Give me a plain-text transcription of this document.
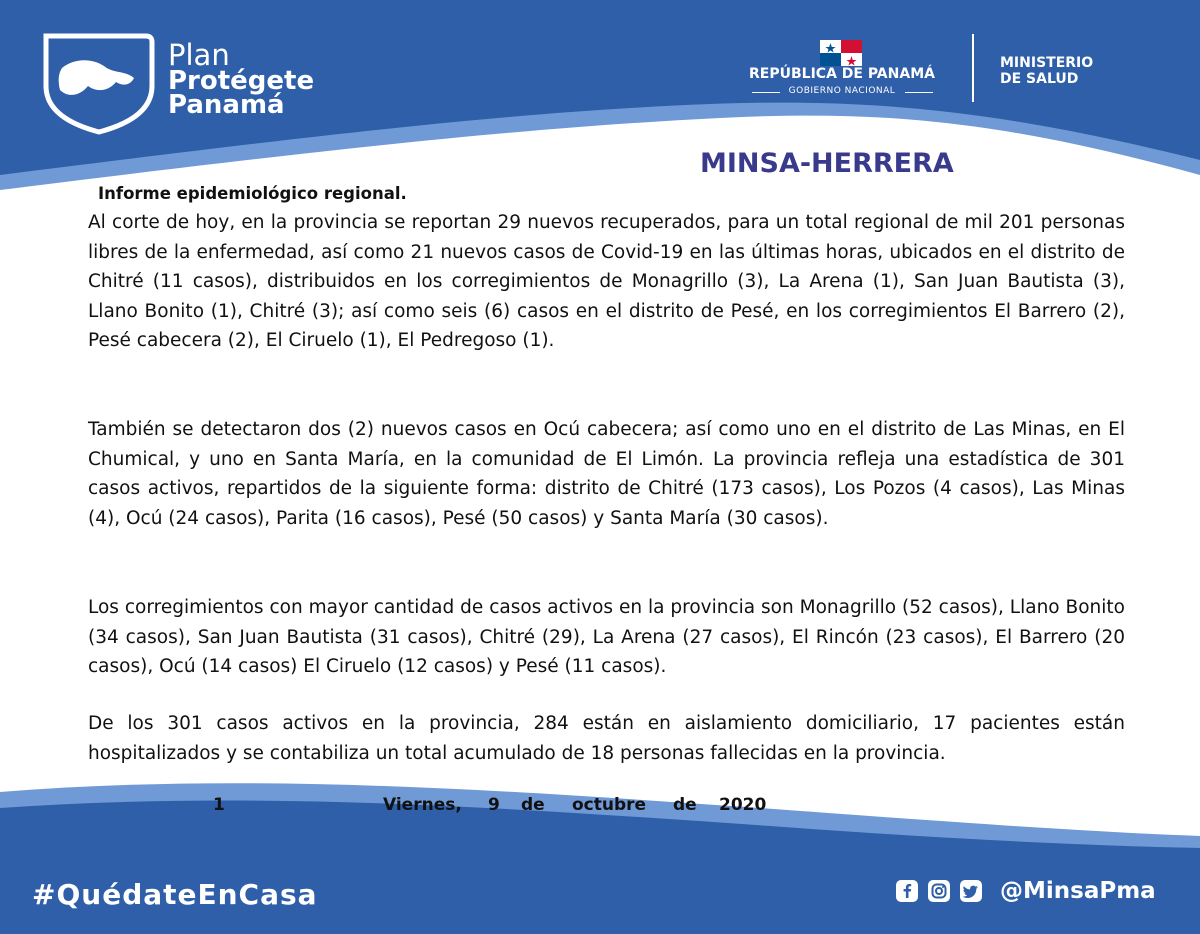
Plan
Protégete
Panamá
REPÚBLICA DE PANAMÁ
GOBIERNO NACIONAL
MINISTERIO
DE SALUD
MINSA-HERRERA
Informe epidemiológico regional.

Al corte de hoy, en la provincia se reportan 29 nuevos recuperados, para un total regional de mil 201 personas libres de la enfermedad, así como 21 nuevos casos de Covid-19 en las últimas horas, ubicados en el distrito de Chitré (11 casos), distribuidos en los corregimientos de Monagrillo (3), La Arena (1), San Juan Bautista (3), Llano Bonito (1), Chitré (3); así como seis (6) casos en el distrito de Pesé, en los corregimientos El Barrero (2), Pesé cabecera (2), El Ciruelo (1), El Pedregoso (1).

También se detectaron dos (2) nuevos casos en Ocú cabecera; así como uno en el distrito de Las Minas, en El Chumical, y uno en Santa María, en la comunidad de El Limón. La provincia refleja una estadística de 301 casos activos, repartidos de la siguiente forma: distrito de Chitré (173 casos), Los Pozos (4 casos), Las Minas (4), Ocú (24 casos), Parita (16 casos), Pesé (50 casos) y Santa María (30 casos).

Los corregimientos con mayor cantidad de casos activos en la provincia son Monagrillo (52 casos), Llano Bonito (34 casos), San Juan Bautista (31 casos), Chitré (29), La Arena (27 casos), El Rincón (23 casos), El Barrero (20 casos), Ocú (14 casos) El Ciruelo (12 casos) y Pesé (11 casos).

De los 301 casos activos en la provincia, 284 están en aislamiento domiciliario, 17 pacientes están hospitalizados y se contabiliza un total acumulado de 18 personas fallecidas en la provincia.

1	Viernes, 9 de octubre de 2020
#QuédateEnCasa	@MinsaPma
